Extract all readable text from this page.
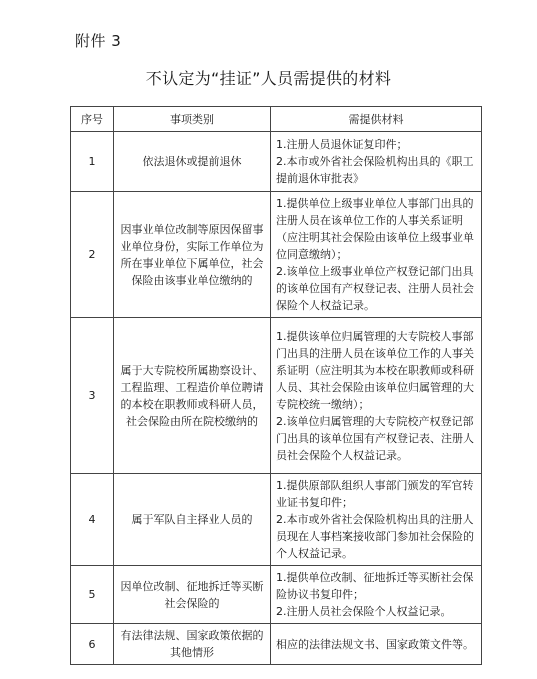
附件 3
不认定为“挂证”人员需提供的材料
序号	事项类别	需提供材料
1	依法退休或提前退休	1.注册人员退休证复印件；
2.本市或外省社会保险机构出具的《职工提前退休审批表》

2	因事业单位改制等原因保留事业单位身份，实际工作单位为所在事业单位下属单位，社会保险由该事业单位缴纳的	1.提供单位上级事业单位人事部门出具的注册人员在该单位工作的人事关系证明（应注明其社会保险由该单位上级事业单位同意缴纳）；
2.该单位上级事业单位产权登记部门出具的该单位国有产权登记表、注册人员社会保险个人权益记录。

3	属于大专院校所属勘察设计、工程监理、工程造价单位聘请的本校在职教师或科研人员，社会保险由所在院校缴纳的	1.提供该单位归属管理的大专院校人事部门出具的注册人员在该单位工作的人事关系证明（应注明其为本校在职教师或科研人员、其社会保险由该单位归属管理的大专院校统一缴纳）；
2.该单位归属管理的大专院校产权登记部门出具的该单位国有产权登记表、注册人员社会保险个人权益记录。

4	属于军队自主择业人员的	1.提供原部队组织人事部门颁发的军官转业证书复印件；
2.本市或外省社会保险机构出具的注册人员现在人事档案接收部门参加社会保险的个人权益记录。

5	因单位改制、征地拆迁等买断社会保险的	1.提供单位改制、征地拆迁等买断社会保险协议书复印件；
2.注册人员社会保险个人权益记录。

6	有法律法规、国家政策依据的其他情形	相应的法律法规文书、国家政策文件等。
